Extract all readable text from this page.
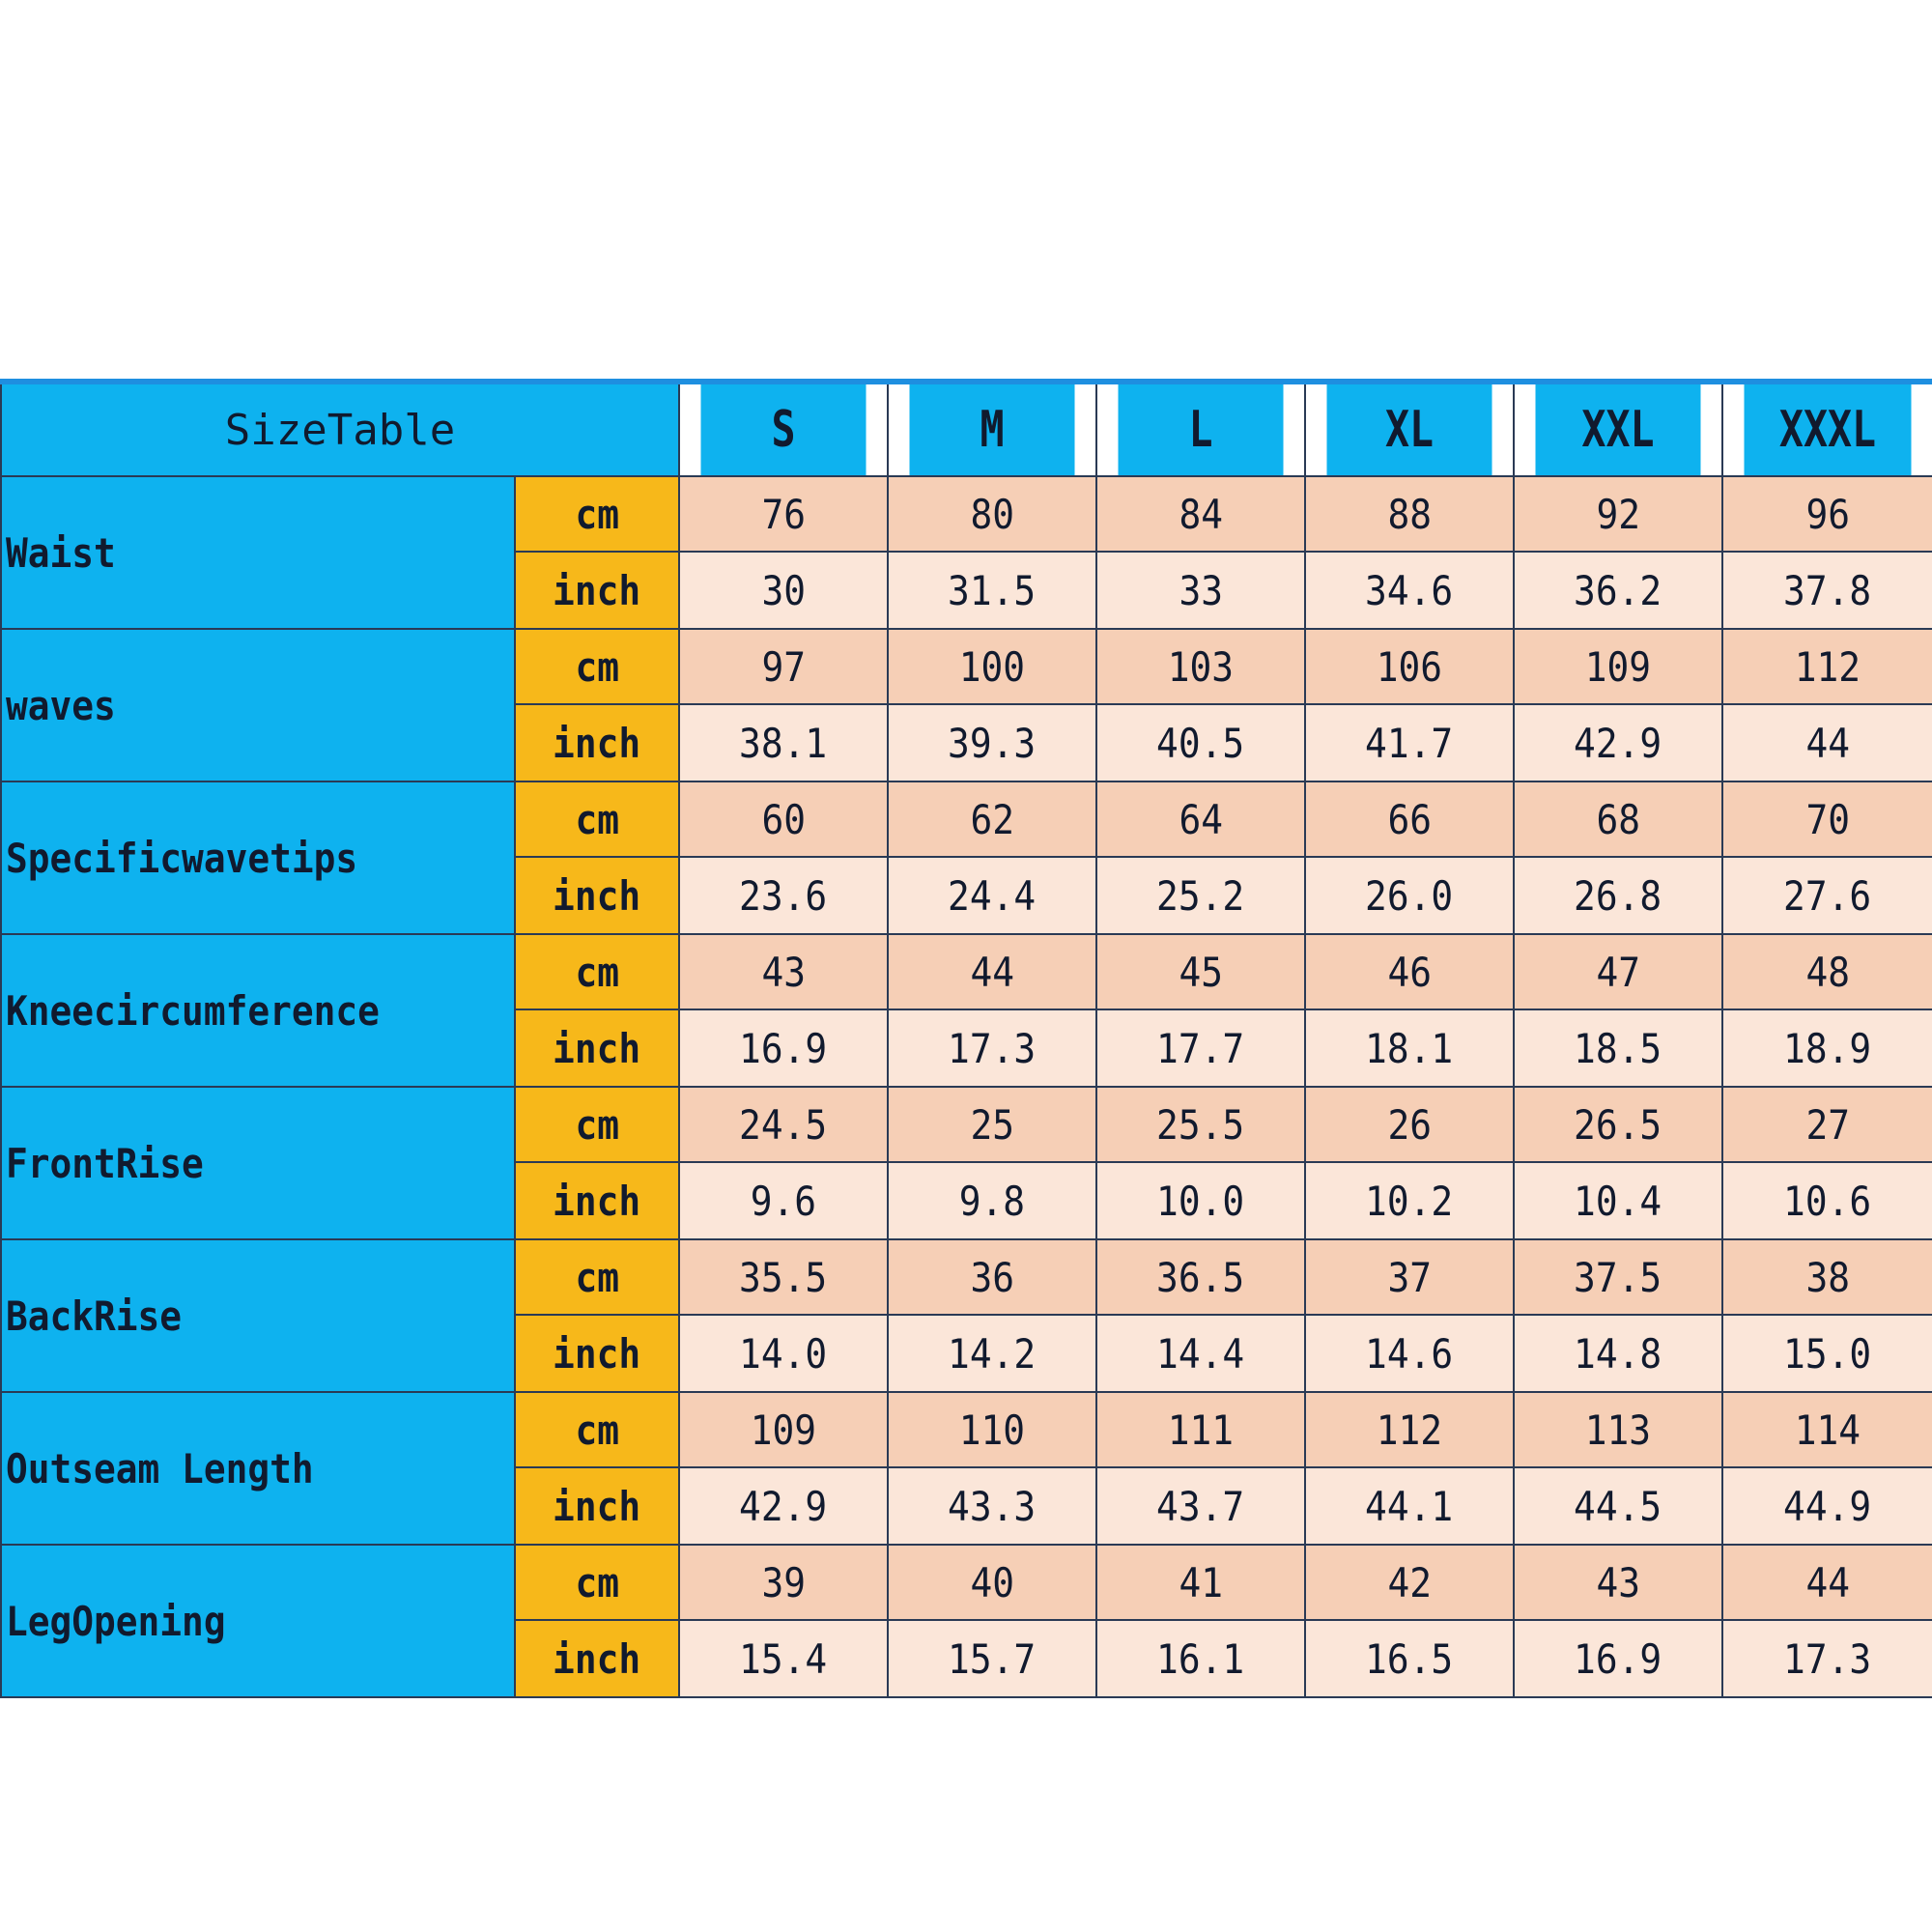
SizeTable		S	M	L	XL	XXL	XXXL
Waist	cm	76	80	84	88	92	96
	inch	30	31.5	33	34.6	36.2	37.8
waves	cm	97	100	103	106	109	112
	inch	38.1	39.3	40.5	41.7	42.9	44
Specificwavetips	cm	60	62	64	66	68	70
	inch	23.6	24.4	25.2	26.0	26.8	27.6
Kneecircumference	cm	43	44	45	46	47	48
	inch	16.9	17.3	17.7	18.1	18.5	18.9
FrontRise	cm	24.5	25	25.5	26	26.5	27
	inch	9.6	9.8	10.0	10.2	10.4	10.6
BackRise	cm	35.5	36	36.5	37	37.5	38
	inch	14.0	14.2	14.4	14.6	14.8	15.0
Outseam Length	cm	109	110	111	112	113	114
	inch	42.9	43.3	43.7	44.1	44.5	44.9
LegOpening	cm	39	40	41	42	43	44
	inch	15.4	15.7	16.1	16.5	16.9	17.3
